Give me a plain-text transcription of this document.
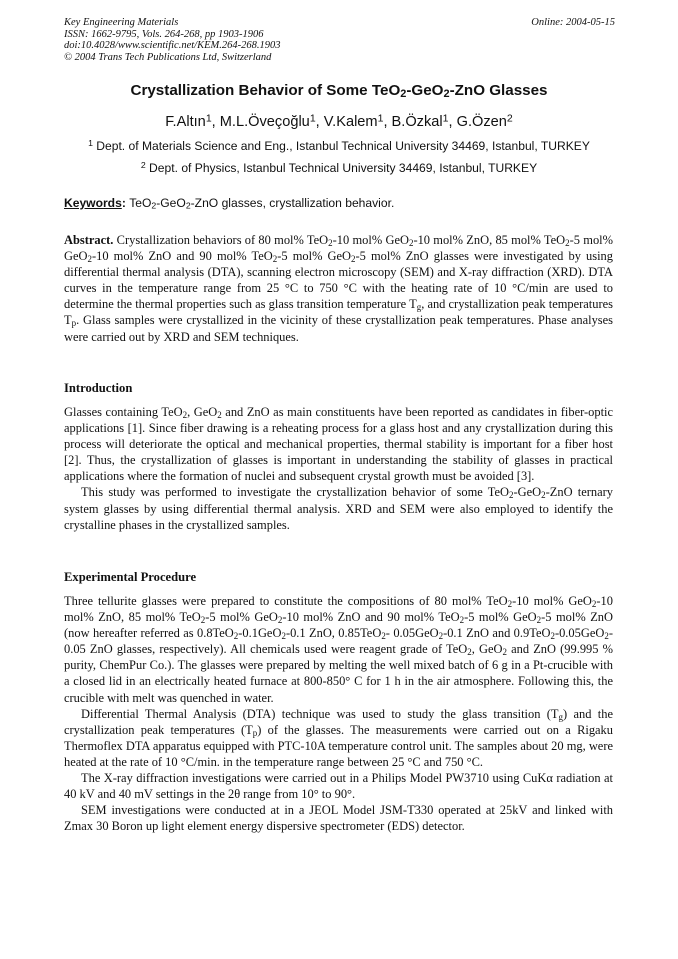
Key Engineering Materials
ISSN: 1662-9795, Vols. 264-268, pp 1903-1906
doi:10.4028/www.scientific.net/KEM.264-268.1903
© 2004 Trans Tech Publications Ltd, Switzerland
Online: 2004-05-15
Crystallization Behavior of Some TeO$_2$-GeO$_2$-ZnO Glasses
F.Altın$^1$, M.L.Öveçoğlu$^1$, V.Kalem$^1$, B.Özkal$^1$, G.Özen$^2$
$^1$ Dept. of Materials Science and Eng., Istanbul Technical University 34469, Istanbul, TURKEY
$^2$ Dept. of Physics, Istanbul Technical University 34469, Istanbul, TURKEY
Keywords: TeO$_2$-GeO$_2$-ZnO glasses, crystallization behavior.

Abstract. Crystallization behaviors of 80 mol% TeO$_2$-10 mol% GeO$_2$-10 mol% ZnO, 85 mol% TeO$_2$-5 mol% GeO$_2$-10 mol% ZnO and 90 mol% TeO$_2$-5 mol% GeO$_2$-5 mol% ZnO glasses were investigated by using differential thermal analysis (DTA), scanning electron microscopy (SEM) and X-ray diffraction (XRD). DTA curves in the temperature range from 25 °C to 750 °C with the heating rate of 10 °C/min are used to determine the thermal properties such as glass transition temperature $T_g$, and crystallization peak temperatures $T_p$. Glass samples were crystallized in the vicinity of these crystallization peak temperatures. Phase analyses were carried out by XRD and SEM techniques.

Introduction

Glasses containing TeO$_2$, GeO$_2$ and ZnO as main constituents have been reported as candidates in fiber-optic applications [1]. Since fiber drawing is a reheating process for a glass host and any crystallization during this process will deteriorate the optical and mechanical properties, thermal stability is important for a fiber host [2]. Thus, the crystallization of glasses is important in understanding the stability of glasses in practical applications where the formation of nuclei and subsequent crystal growth must be avoided [3].

This study was performed to investigate the crystallization behavior of some TeO$_2$-GeO$_2$-ZnO ternary system glasses by using differential thermal analysis. XRD and SEM were also employed to identify the crystalline phases in the crystallized samples.

Experimental Procedure

Three tellurite glasses were prepared to constitute the compositions of 80 mol% TeO$_2$-10 mol% GeO$_2$-10 mol% ZnO, 85 mol% TeO$_2$-5 mol% GeO$_2$-10 mol% ZnO and 90 mol% TeO$_2$-5 mol% GeO$_2$-5 mol% ZnO (now hereafter referred as 0.8TeO$_2$-0.1GeO$_2$-0.1 ZnO, 0.85TeO$_2$- 0.05GeO$_2$-0.1 ZnO and 0.9TeO$_2$-0.05GeO$_2$-0.05 ZnO glasses, respectively). All chemicals used were reagent grade of TeO$_2$, GeO$_2$ and ZnO (99.995 % purity, ChemPur Co.). The glasses were prepared by melting the well mixed batch of 6 g in a Pt-crucible with a closed lid in an electrically heated furnace at 800-850° C for 1 h in the air atmosphere. Following this, the crucible with melt was quenched in water.

Differential Thermal Analysis (DTA) technique was used to study the glass transition $(T_g)$ and the crystallization peak temperatures $(T_p)$ of the glasses. The measurements were carried out on a Rigaku Thermoflex DTA apparatus equipped with PTC-10A temperature control unit. The samples about 20 mg, were heated at the rate of 10 °C/min. in the temperature range between 25 °C and 750 °C.

The X-ray diffraction investigations were carried out in a Philips Model PW3710 using CuKα radiation at 40 kV and 40 mV settings in the 2θ range from 10° to 90°.

SEM investigations were conducted at in a JEOL Model JSM-T330 operated at 25kV and linked with Zmax 30 Boron up light element energy dispersive spectrometer (EDS) detector.
